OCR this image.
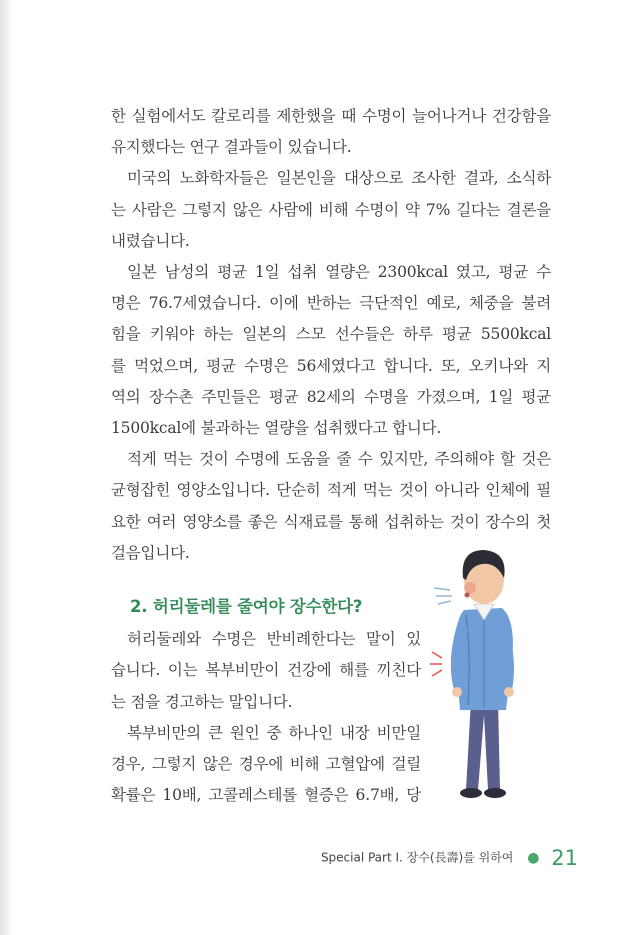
한 실험에서도 칼로리를 제한했을 때 수명이 늘어나거나 건강함을
유지했다는 연구 결과들이 있습니다.
미국의 노화학자들은 일본인을 대상으로 조사한 결과, 소식하
는 사람은 그렇지 않은 사람에 비해 수명이 약 7% 길다는 결론을
내렸습니다.
일본 남성의 평균 1일 섭취 열량은 2300kcal 였고, 평균 수
명은 76.7세였습니다. 이에 반하는 극단적인 예로, 체중을 불려
힘을 키워야 하는 일본의 스모 선수들은 하루 평균 5500kcal
를 먹었으며, 평균 수명은 56세였다고 합니다. 또, 오키나와 지
역의 장수촌 주민들은 평균 82세의 수명을 가졌으며, 1일 평균
1500kcal에 불과하는 열량을 섭취했다고 합니다.
적게 먹는 것이 수명에 도움을 줄 수 있지만, 주의해야 할 것은
균형잡힌 영양소입니다. 단순히 적게 먹는 것이 아니라 인체에 필
요한 여러 영양소를 좋은 식재료를 통해 섭취하는 것이 장수의 첫
걸음입니다.
2. 허리둘레를 줄여야 장수한다?
허리둘레와 수명은 반비례한다는 말이 있
습니다. 이는 복부비만이 건강에 해를 끼친다
는 점을 경고하는 말입니다.
복부비만의 큰 원인 중 하나인 내장 비만일
경우, 그렇지 않은 경우에 비해 고혈압에 걸릴
확률은 10배, 고콜레스테롤 혈증은 6.7배, 당
Special Part Ⅰ. 장수(長壽)를 위하여 ● 21
